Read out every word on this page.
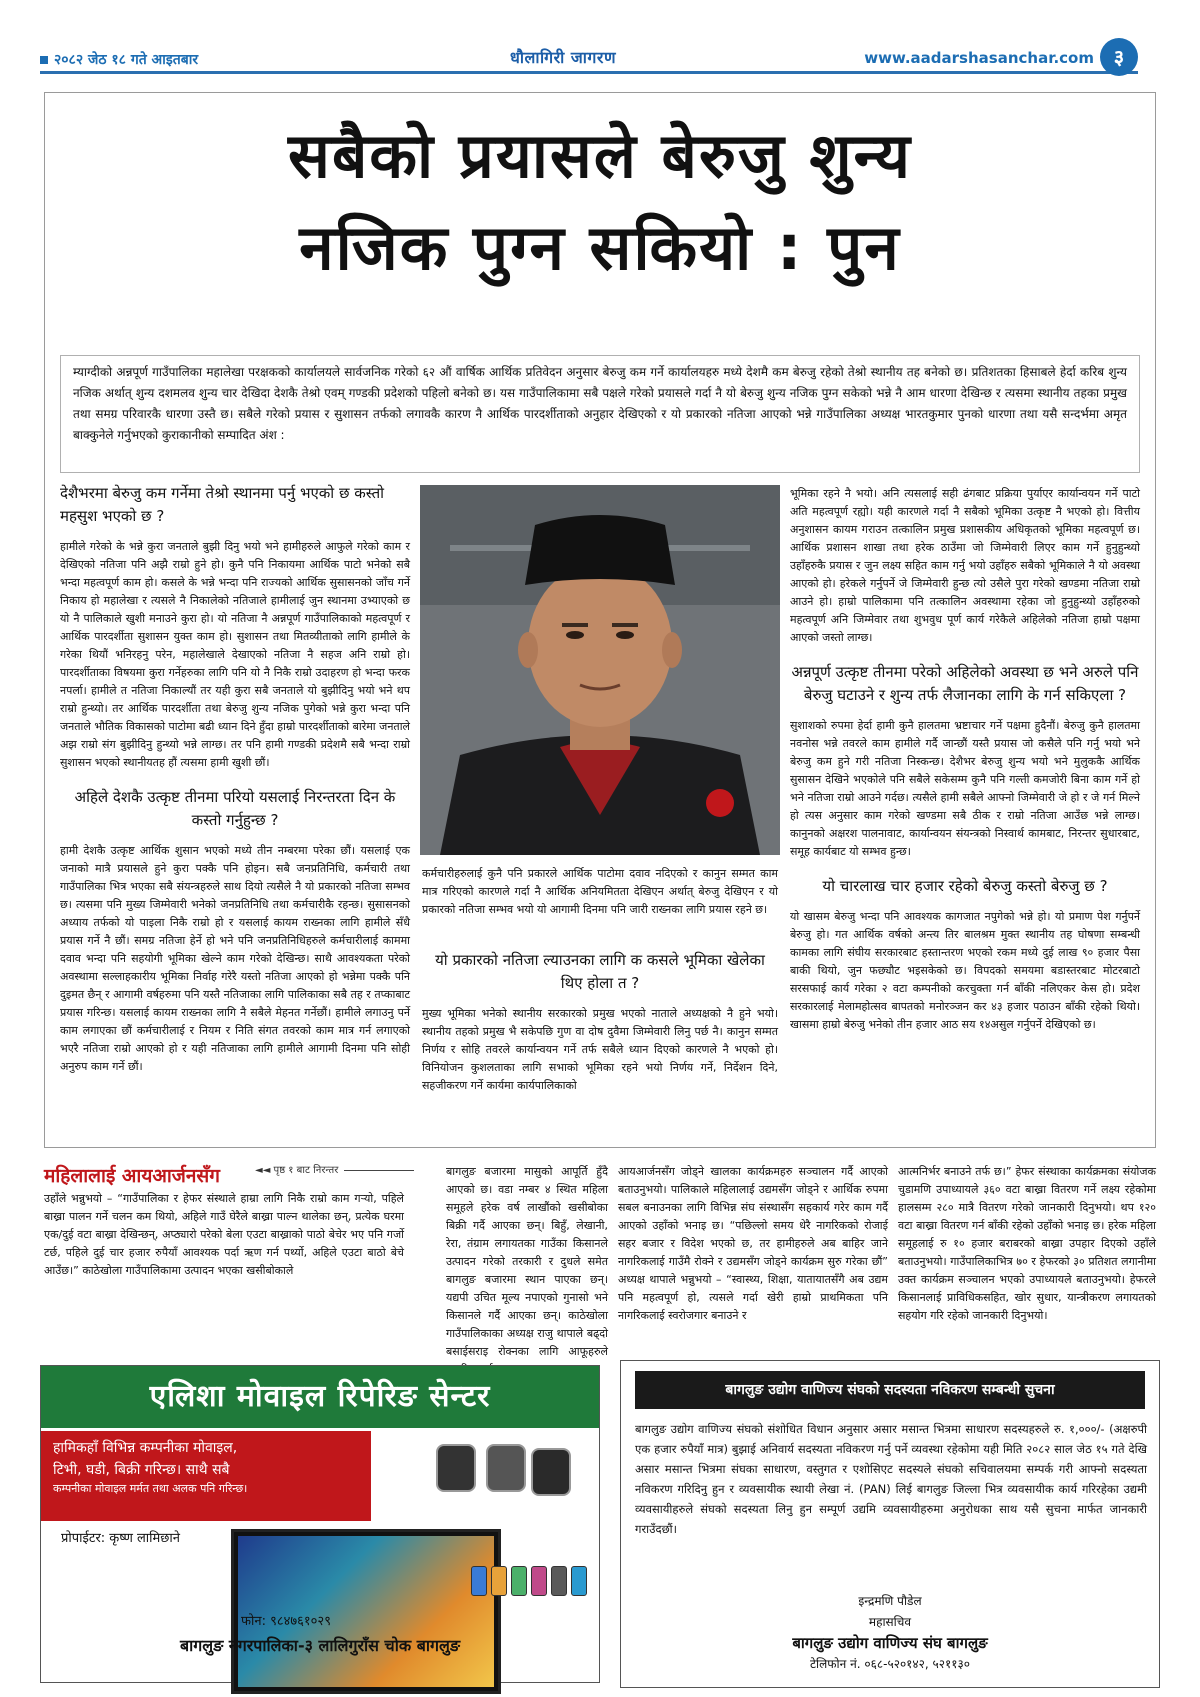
२०८२ जेठ १८ गते आइतबार	धौलागिरी जागरण	www.aadarshasanchar.com ३
सबैको प्रयासले बेरुजु शुन्य
नजिक पुग्न सकियो : पुन
म्याग्दीको अन्नपूर्ण गाउँपालिका महालेखा परक्षकको कार्यालयले सार्वजनिक गरेको ६२ औं वार्षिक आर्थिक प्रतिवेदन अनुसार बेरुजु कम गर्ने कार्यालयहरु मध्ये देशमै कम बेरुजु रहेको तेश्रो स्थानीय तह बनेको छ। प्रतिशतका हिसाबले हेर्दा करिब शुन्य नजिक अर्थात् शुन्य दशमलव शुन्य चार देखिदा देशकै तेश्रो एवम् गण्डकी प्रदेशको पहिलो बनेको छ। यस गाउँपालिकामा सबै पक्षले गरेको प्रयासले गर्दा नै यो बेरुजु शुन्य नजिक पुग्न सकेको भन्ने नै आम धारणा देखिन्छ र त्यसमा स्थानीय तहका प्रमुख तथा समग्र परिवारकै धारणा उस्तै छ। सबैले गरेको प्रयास र सुशासन तर्फको लगावकै कारण नै आर्थिक पारदर्शीताको अनुहार देखिएको र यो प्रकारको नतिजा आएको भन्ने गाउँपालिका अध्यक्ष भारतकुमार पुनको धारणा तथा यसै सन्दर्भमा अमृत बाक्कुनेले गर्नुभएको कुराकानीको सम्पादित अंश :
देशैभरमा बेरुजु कम गर्नेमा तेश्रो स्थानमा पर्नु भएको छ कस्तो महसुश भएको छ ?

हामीले गरेको के भन्ने कुरा जनताले बुझी दिनु भयो भने हामीहरुले आफुले गरेको काम र देखिएको नतिजा पनि अझै राम्रो हुने हो। कुनै पनि निकायमा आर्थिक पाटो भनेको सबै भन्दा महत्वपूर्ण काम हो। कसले के भन्ने भन्दा पनि राज्यको आर्थिक सुसासनको जाँच गर्ने निकाय हो महालेखा र त्यसले नै निकालेको नतिजाले हामीलाई जुन स्थानमा उभ्याएको छ यो नै पालिकाले खुशी मनाउने कुरा हो। यो नतिजा नै अन्नपूर्ण गाउँपालिकाको महत्वपूर्ण र आर्थिक पारदर्शीता सुशासन युक्त काम हो। सुशासन तथा मितव्यीताको लागि हामीले के गरेका थियौं भनिरहनु परेन, महालेखाले देखाएको नतिजा नै सहज अनि राम्रो हो। पारदर्शीताका विषयमा कुरा गर्नेहरुका लागि पनि यो नै निकै राम्रो उदाहरण हो भन्दा फरक नपर्ला। हामीले त नतिजा निकाल्यौं तर यही कुरा सबै जनताले यो बुझीदिनु भयो भने थप राम्रो हुन्थ्यो। तर आर्थिक पारदर्शीता तथा बेरुजु शुन्य नजिक पुगेको भन्ने कुरा भन्दा पनि जनताले भौतिक विकासको पाटोमा बढी ध्यान दिने हुँदा हाम्रो पारदर्शीताको बारेमा जनताले अझ राम्रो संग बुझीदिनु हुन्थ्यो भन्ने लाग्छ। तर पनि हामी गण्डकी प्रदेशमै सबै भन्दा राम्रो सुशासन भएको स्थानीयतह हौं त्यसमा हामी खुशी छौं।

अहिले देशकै उत्कृष्ट तीनमा परियो यसलाई निरन्तरता दिन के कस्तो गर्नुहुन्छ ?

हामी देशकै उत्कृष्ट आर्थिक शुसान भएको मध्ये तीन नम्बरमा परेका छौं। यसलाई एक जनाको मात्रै प्रयासले हुने कुरा पक्कै पनि होइन। सबै जनप्रतिनिधि, कर्मचारी तथा गाउँपालिका भित्र भएका सबै संयन्त्रहरुले साथ दियो त्यसैले नै यो प्रकारको नतिजा सम्भव छ। त्यसमा पनि मुख्य जिम्मेवारी भनेको जनप्रतिनिधि तथा कर्मचारीकै रहन्छ। सुसासनको अध्याय तर्फको यो पाइला निकै राम्रो हो र यसलाई कायम राख्नका लागि हामीले सँधै प्रयास गर्ने नै छौं। समग्र नतिजा हेर्ने हो भने पनि जनप्रतिनिधिहरुले कर्मचारीलाई काममा दवाव भन्दा पनि सहयोगी भूमिका खेल्ने काम गरेको देखिन्छ। साथै आवश्यकता परेको अवस्थामा सल्लाहकारीय भूमिका निर्वाह गरेरै यस्तो नतिजा आएको हो भन्नेमा पक्कै पनि दुइमत छैन् र आगामी वर्षहरुमा पनि यस्तै नतिजाका लागि पालिकाका सबै तह र तप्काबाट प्रयास गरिन्छ। यसलाई कायम राख्नका लागि नै सबैले मेहनत गर्नेछौं। हामीले लगाउनु पर्ने काम लगाएका छौं कर्मचारीलाई र नियम र निति संगत तवरको काम मात्र गर्न लगाएको भएरै नतिजा राम्रो आएको हो र यही नतिजाका लागि हामीले आगामी दिनमा पनि सोही अनुरुप काम गर्ने छौं।

कर्मचारीहरुलाई कुनै पनि प्रकारले आर्थिक पाटोमा दवाव नदिएको र कानुन सम्मत काम मात्र गरिएको कारणले गर्दा नै आर्थिक अनियमितता देखिएन अर्थात् बेरुजु देखिएन र यो प्रकारको नतिजा सम्भव भयो यो आगामी दिनमा पनि जारी राख्नका लागि प्रयास रहने छ।

यो प्रकारको नतिजा ल्याउनका लागि क कसले भूमिका खेलेका थिए होला त ?

मुख्य भूमिका भनेको स्थानीय सरकारको प्रमुख भएको नाताले अध्यक्षको नै हुने भयो। स्थानीय तहको प्रमुख भै सकेपछि गुण वा दोष दुवैमा जिम्मेवारी लिनु पर्छ नै। कानुन सम्मत निर्णय र सोहि तवरले कार्यान्वयन गर्ने तर्फ सबैले ध्यान दिएको कारणले नै भएको हो। विनियोजन कुशलताका लागि सभाको भूमिका रहने भयो निर्णय गर्ने, निर्देशन दिने, सहजीकरण गर्ने कार्यमा कार्यपालिकाको

भूमिका रहने नै भयो। अनि त्यसलाई सही ढंगबाट प्रक्रिया पुर्याएर कार्यान्वयन गर्ने पाटो अति महत्वपूर्ण रह्यो। यही कारणले गर्दा नै सबैको भूमिका उत्कृष्ट नै भएको हो। वित्तीय अनुशासन कायम गराउन तत्कालिन प्रमुख प्रशासकीय अधिकृतको भूमिका महत्वपूर्ण छ। आर्थिक प्रशासन शाखा तथा हरेक ठाउँमा जो जिम्मेवारी लिएर काम गर्ने हुनुहुन्थ्यो उहाँहरुकै प्रयास र जुन लक्ष्य सहित काम गर्नु भयो उहाँहरु सबैको भूमिकाले नै यो अवस्था आएको हो। हरेकले गर्नुपर्ने जे जिम्मेवारी हुन्छ त्यो उसैले पुरा गरेको खण्डमा नतिजा राम्रो आउने हो। हाम्रो पालिकामा पनि तत्कालिन अवस्थामा रहेका जो हुनुहुन्थ्यो उहाँहरुको महत्वपूर्ण अनि जिम्मेवार तथा शुभवुध पूर्ण कार्य गरेकैले अहिलेको नतिजा हाम्रो पक्षमा आएको जस्तो लाग्छ।

अन्नपूर्ण उत्कृष्ट तीनमा परेको अहिलेको अवस्था छ भने अरुले पनि बेरुजु घटाउने र शुन्य तर्फ लैजानका लागि के गर्न सकिएला ?

सुशाशको रुपमा हेर्दा हामी कुनै हालतमा भ्रष्टाचार गर्ने पक्षमा हुदैनौं। बेरुजु कुनै हालतमा नवनोस भन्ने तवरले काम हामीले गर्दै जान्छौं यस्तै प्रयास जो कसैले पनि गर्नु भयो भने बेरुजु कम हुने गरी नतिजा निस्कन्छ। देशैभर बेरुजु शुन्य भयो भने मुलुककै आर्थिक सुसासन देखिने भएकोले पनि सबैले सकेसम्म कुनै पनि गल्ती कमजोरी बिना काम गर्ने हो भने नतिजा राम्रो आउने गर्दछ। त्यसैले हामी सबैले आफ्नो जिम्मेवारी जे हो र जे गर्न मिल्ने हो त्यस अनुसार काम गरेको खण्डमा सबै ठीक र राम्रो नतिजा आउँछ भन्ने लाग्छ। कानुनको अक्षरश पालनावाट, कार्यान्वयन संयन्त्रको निस्वार्थ कामबाट, निरन्तर सुधारबाट, समूह कार्यबाट यो सम्भव हुन्छ।

यो चारलाख चार हजार रहेको बेरुजु कस्तो बेरुजु छ ?

यो खासम बेरुजु भन्दा पनि आवश्यक कागजात नपुगेको भन्ने हो। यो प्रमाण पेश गर्नुपर्ने बेरुजु हो। गत आर्थिक वर्षको अन्त्य तिर बालश्रम मुक्त स्थानीय तह घोषणा सम्बन्धी कामका लागि संघीय सरकारबाट हस्तान्तरण भएको रकम मध्ये दुई लाख ९० हजार पैसा बाकी थियो, जुन फछ्यौट भइसकेको छ। विपदको समयमा बडास्तरबाट मोटरबाटो सरसफाई कार्य गरेका २ वटा कम्पनीको करचुक्ता गर्न बाँकी नलिएकर केस हो। प्रदेश सरकारलाई मेलामहोत्सव बापतको मनोरञ्जन कर ४३ हजार पठाउन बाँकी रहेको थियो। खासमा हाम्रो बेरुजु भनेको तीन हजार आठ सय १४असुल गर्नुपर्ने देखिएको छ।

महिलालाई आयआर्जनसँग	◄◄ पृष्ठ १ बाट निरन्तर
उहाँले भन्नुभयो – “गाउँपालिका र हेफर संस्थाले हाम्रा लागि निकै राम्रो काम गर्‍यो, पहिले बाख्रा पालन गर्ने चलन कम थियो, अहिले गाउँ घेरैले बाख्रा पाल्न थालेका छन्, प्रत्येक घरमा एक/दुई वटा बाख्रा देखिन्छन्, अप्ठ्यारो परेको बेला एउटा बाख्राको पाठो बेचेर भए पनि गर्जो टर्छ, पहिले दुई चार हजार रुपैयाँ आवश्यक पर्दा ऋण गर्न पर्थ्यो, अहिले एउटा बाठो बेचे आउँछ।” काठेखोला गाउँपालिकामा उत्पादन भएका खसीबोकाले
बागलुङ बजारमा मासुको आपूर्ति हुँदै आएको छ। वडा नम्बर ४ स्थित महिला समूहले हरेक वर्ष लाखौंको खसीबोका बिक्री गर्दै आएका छन्। बिहुँ, लेखानी, रेरा, तंग्राम लगायतका गाउँका किसानले उत्पादन गरेको तरकारी र दुधले समेत बागलुङ बजारमा स्थान पाएका छन्। यद्यपी उचित मूल्य नपाएको गुनासो भने किसानले गर्दै आएका छन्। काठेखोला गाउँपालिकाका अध्यक्ष राजु थापाले बढ्दो बसाईसराइ रोक्नका लागि आफूहरुले
आयआर्जनसँग जोड्ने खालका कार्यक्रमहरु सञ्चालन गर्दै आएको बताउनुभयो। पालिकाले महिलालाई उद्यमसँग जोड्ने र आर्थिक रुपमा सबल बनाउनका लागि विभिन्न संघ संस्थासँग सहकार्य गरेर काम गर्दै आएको उहाँको भनाइ छ। “पछिल्लो समय धेरै नागरिकको रोजाई सहर बजार र विदेश भएको छ, तर हामीहरुले अब बाहिर जाने नागरिकलाई गाउँमै रोक्ने र उद्यमसँग जोड्ने कार्यक्रम सुरु गरेका छौं” अध्यक्ष थापाले भन्नुभयो – “स्वास्थ्य, शिक्षा, यातायातसँगै अब उद्यम पनि महत्वपूर्ण हो, त्यसले गर्दा खेरी हाम्रो प्राथमिकता पनि नागरिकलाई स्वरोजगार बनाउने र
आत्मनिर्भर बनाउने तर्फ छ।” हेफर संस्थाका कार्यक्रमका संयोजक चुडामणि उपाध्यायले ३६० वटा बाख्रा वितरण गर्ने लक्ष्य रहेकोमा हालसम्म २८० मात्रै वितरण गरेको जानकारी दिनुभयो। थप १२० वटा बाख्रा वितरण गर्न बाँकी रहेको उहाँको भनाइ छ। हरेक महिला समूहलाई रु १० हजार बराबरको बाख्रा उपहार दिएको उहाँले बताउनुभयो। गाउँपालिकाभित्र ७० र हेफरको ३० प्रतिशत लगानीमा उक्त कार्यक्रम सञ्चालन भएको उपाध्यायले बताउनुभयो। हेफरले किसानलाई प्राविधिकसहित, खोर सुधार, यान्त्रीकरण लगायतको सहयोग गरि रहेको जानकारी दिनुभयो।
एलिशा मोवाइल रिपेरिङ सेन्टर
हामिकहाँ विभिन्न कम्पनीका मोवाइल,
टिभी, घडी, बिक्री गरिन्छ। साथै सबै
कम्पनीका मोवाइल मर्मत तथा अलक पनि गरिन्छ।
प्रोपाईटर: कृष्ण लामिछाने
फोन: ९८४७६१०२९
बागलुङ नगरपालिका-३ लालिगुराँस चोक बागलुङ
बागलुङ उद्योग वाणिज्य संघको सदस्यता नविकरण सम्बन्धी सुचना
बागलुङ उद्योग वाणिज्य संघको संशोधित विधान अनुसार असार मसान्त भित्रमा साधारण सदस्यहरुले रु. १,०००/- (अक्षरुपी एक हजार रुपैयाँ मात्र) बुझाई अनिवार्य सदस्यता नविकरण गर्नु पर्ने व्यवस्था रहेकोमा यही मिति २०८२ साल जेठ १५ गते देखि असार मसान्त भित्रमा संघका साधारण, वस्तुगत र एशोसिएट सदस्यले संघको सचिवालयमा सम्पर्क गरी आफ्नो सदस्यता नविकरण गरिदिनु हुन र व्यवसायीक स्थायी लेखा नं. (PAN) लिई बागलुङ जिल्ला भित्र व्यवसायीक कार्य गरिरहेका उद्यमी व्यवसायीहरुले संघको सदस्यता लिनु हुन सम्पूर्ण उद्यमि व्यवसायीहरुमा अनुरोधका साथ यसै सुचना मार्फत जानकारी गराउँदछौं।
इन्द्रमणि पौडेल
महासचिव
बागलुङ उद्योग वाणिज्य संघ बागलुङ
टेलिफोन नं. ०६८-५२०१४२, ५२११३०
